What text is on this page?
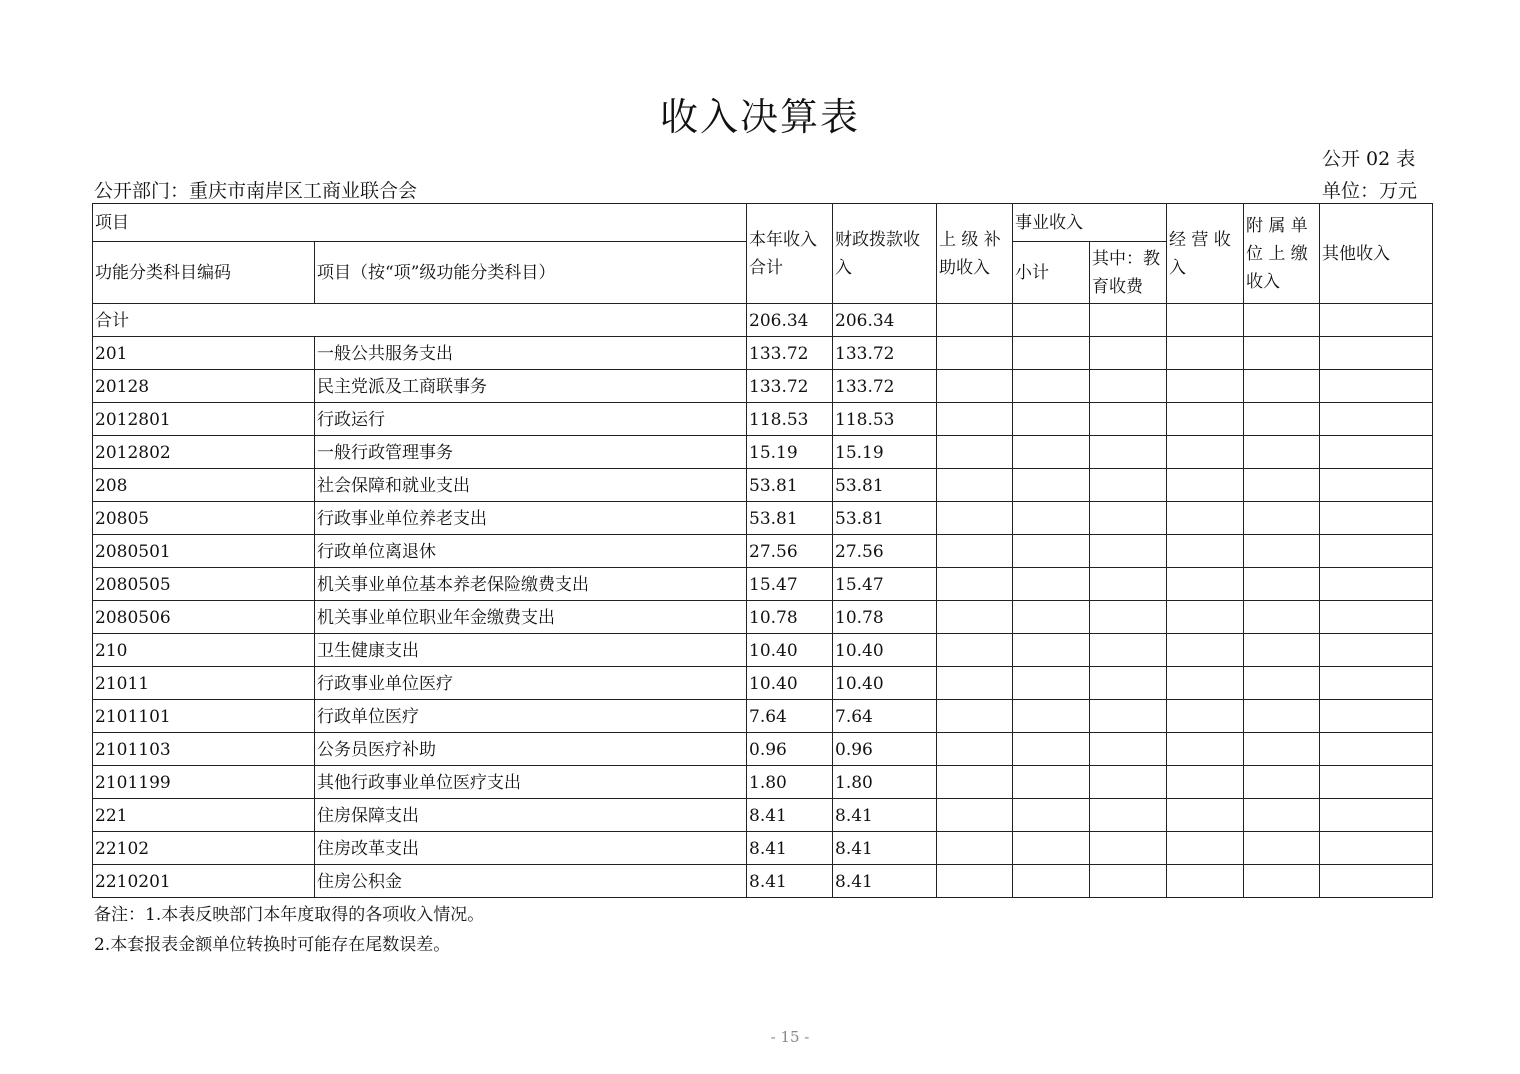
收入决算表
公开 02 表
公开部门：重庆市南岸区工商业联合会	单位：万元
项目		本年收入合计	财政拨款收入	上 级 补 助收入	事业收入		经 营 收 入	附 属 单 位 上 缴 收入	其他收入
功能分类科目编码	项目（按“项”级功能分类科目）				小计	其中：教育收费			
合计		206.34	206.34						
201	一般公共服务支出	133.72	133.72						
20128	民主党派及工商联事务	133.72	133.72						
2012801	行政运行	118.53	118.53						
2012802	一般行政管理事务	15.19	15.19						
208	社会保障和就业支出	53.81	53.81						
20805	行政事业单位养老支出	53.81	53.81						
2080501	行政单位离退休	27.56	27.56						
2080505	机关事业单位基本养老保险缴费支出	15.47	15.47						
2080506	机关事业单位职业年金缴费支出	10.78	10.78						
210	卫生健康支出	10.40	10.40						
21011	行政事业单位医疗	10.40	10.40						
2101101	行政单位医疗	7.64	7.64						
2101103	公务员医疗补助	0.96	0.96						
2101199	其他行政事业单位医疗支出	1.80	1.80						
221	住房保障支出	8.41	8.41						
22102	住房改革支出	8.41	8.41						
2210201	住房公积金	8.41	8.41						
备注：1.本表反映部门本年度取得的各项收入情况。
2.本套报表金额单位转换时可能存在尾数误差。
- 15 -
